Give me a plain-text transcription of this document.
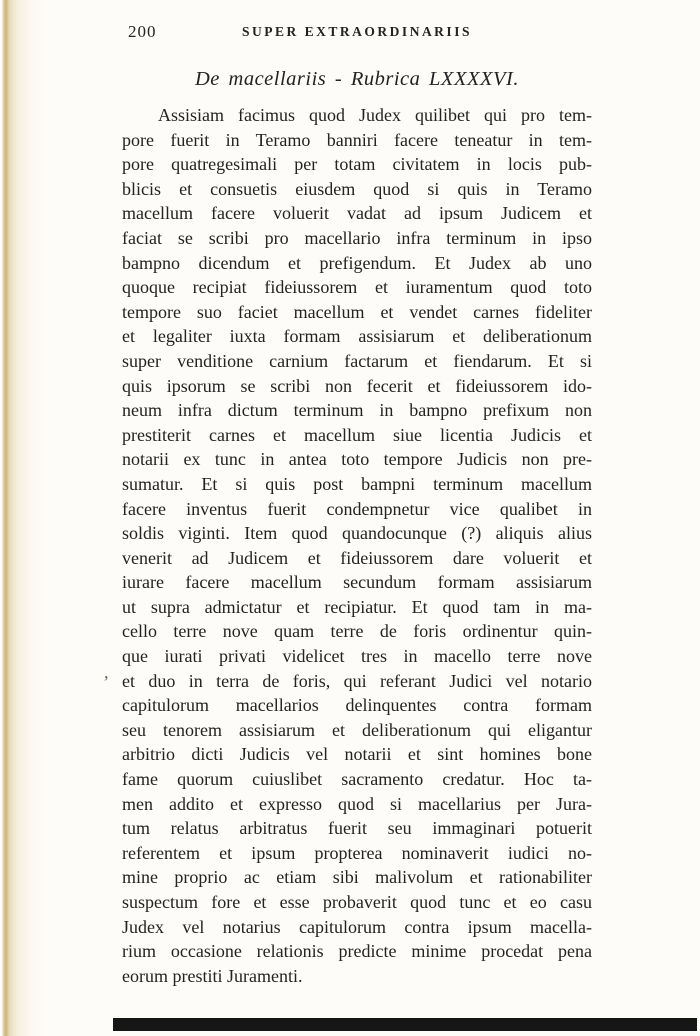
200	SUPER EXTRAORDINARIIS
De macellariis - Rubrica LXXXXVI.
Assisiam facimus quod Judex quilibet qui pro tem-
pore fuerit in Teramo banniri facere teneatur in tem-
pore quatregesimali per totam civitatem in locis pub-
blicis et consuetis eiusdem quod si quis in Teramo
macellum facere voluerit vadat ad ipsum Judicem et
faciat se scribi pro macellario infra terminum in ipso
bampno dicendum et prefigendum. Et Judex ab uno
quoque recipiat fideiussorem et iuramentum quod toto
tempore suo faciet macellum et vendet carnes fideliter
et legaliter iuxta formam assisiarum et deliberationum
super venditione carnium factarum et fiendarum. Et si
quis ipsorum se scribi non fecerit et fideiussorem ido-
neum infra dictum terminum in bampno prefixum non
prestiterit carnes et macellum siue licentia Judicis et
notarii ex tunc in antea toto tempore Judicis non pre-
sumatur. Et si quis post bampni terminum macellum
facere inventus fuerit condempnetur vice qualibet in
soldis viginti. Item quod quandocunque (?) aliquis alius
venerit ad Judicem et fideiussorem dare voluerit et
iurare facere macellum secundum formam assisiarum
ut supra admictatur et recipiatur. Et quod tam in ma-
cello terre nove quam terre de foris ordinentur quin-
que iurati privati videlicet tres in macello terre nove
et duo in terra de foris, qui referant Judici vel notario
capitulorum macellarios delinquentes contra formam
seu tenorem assisiarum et deliberationum qui eligantur
arbitrio dicti Judicis vel notarii et sint homines bone
fame quorum cuiuslibet sacramento credatur. Hoc ta-
men addito et expresso quod si macellarius per Jura-
tum relatus arbitratus fuerit seu immaginari potuerit
referentem et ipsum propterea nominaverit iudici no-
mine proprio ac etiam sibi malivolum et rationabiliter
suspectum fore et esse probaverit quod tunc et eo casu
Judex vel notarius capitulorum contra ipsum macella-
rium occasione relationis predicte minime procedat pena
eorum prestiti Juramenti.
,
